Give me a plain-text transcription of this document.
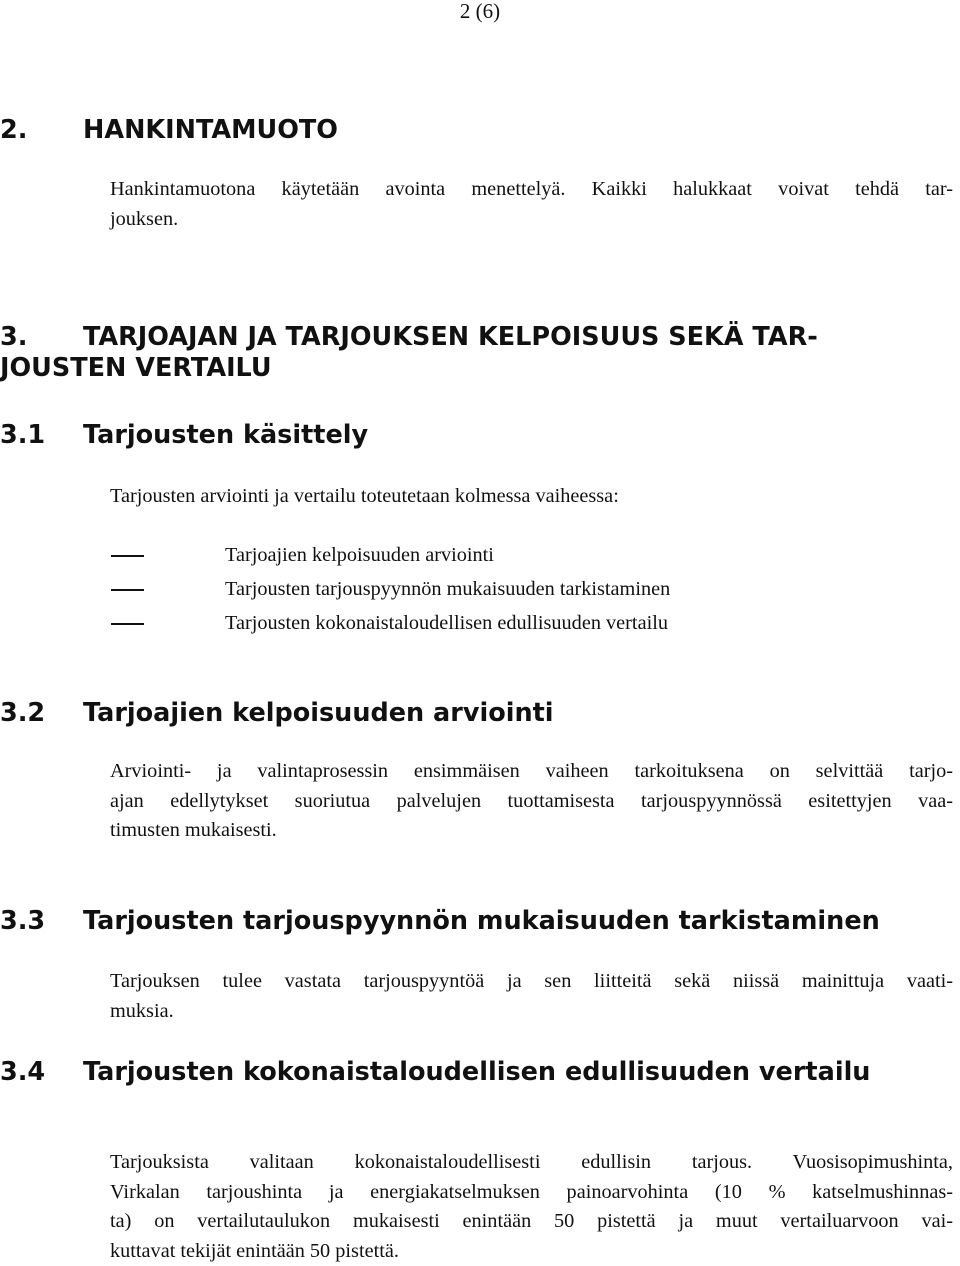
2 (6)
2. HANKINTAMUOTO

Hankintamuotona käytetään avointa menettelyä. Kaikki halukkaat voivat tehdä tar-
jouksen.

3. TARJOAJAN JA TARJOUKSEN KELPOISUUS SEKÄ TAR-
JOUSTEN VERTAILU
3.1 Tarjousten käsittely

Tarjousten arviointi ja vertailu toteutetaan kolmessa vaiheessa:

Tarjoajien kelpoisuuden arviointi
Tarjousten tarjouspyynnön mukaisuuden tarkistaminen
Tarjousten kokonaistaloudellisen edullisuuden vertailu
3.2 Tarjoajien kelpoisuuden arviointi

Arviointi- ja valintaprosessin ensimmäisen vaiheen tarkoituksena on selvittää tarjo-
ajan edellytykset suoriutua palvelujen tuottamisesta tarjouspyynnössä esitettyjen vaa-
timusten mukaisesti.

3.3 Tarjousten tarjouspyynnön mukaisuuden tarkistaminen

Tarjouksen tulee vastata tarjouspyyntöä ja sen liitteitä sekä niissä mainittuja vaati-
muksia.

3.4 Tarjousten kokonaistaloudellisen edullisuuden vertailu

Tarjouksista valitaan kokonaistaloudellisesti edullisin tarjous. Vuosisopimushinta,
Virkalan tarjoushinta ja energiakatselmuksen painoarvohinta (10 % katselmushinnas-
ta) on vertailutaulukon mukaisesti enintään 50 pistettä ja muut vertailuarvoon vai-
kuttavat tekijät enintään 50 pistettä.
